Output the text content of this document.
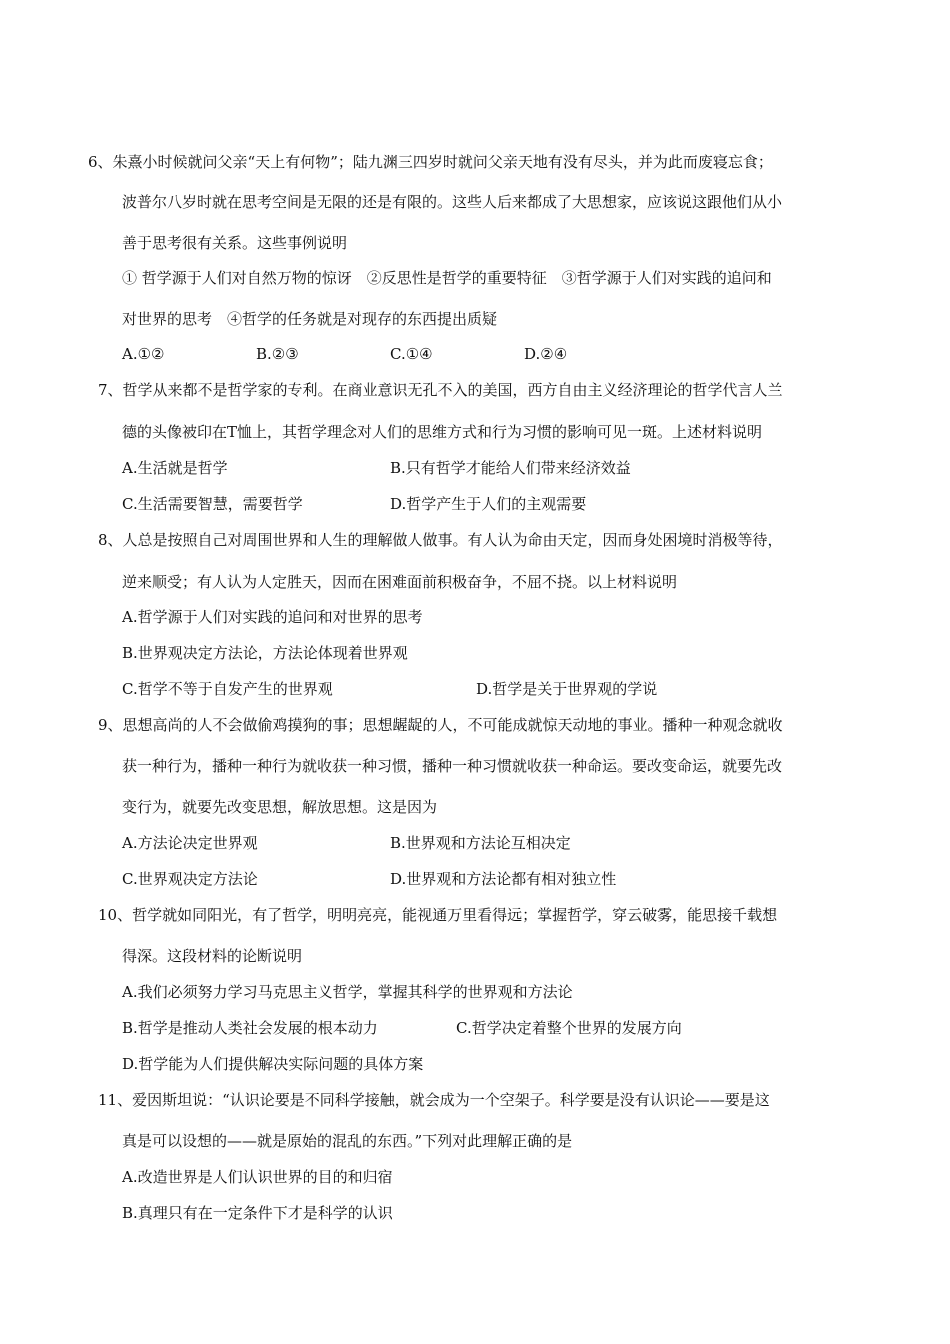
6、朱熹小时候就问父亲“天上有何物”；陆九渊三四岁时就问父亲天地有没有尽头，并为此而废寝忘食；
波普尔八岁时就在思考空间是无限的还是有限的。这些人后来都成了大思想家，应该说这跟他们从小
善于思考很有关系。这些事例说明
① 哲学源于人们对自然万物的惊讶　②反思性是哲学的重要特征　③哲学源于人们对实践的追问和
对世界的思考　④哲学的任务就是对现存的东西提出质疑
A.①②	B.②③	C.①④	D.②④
7、哲学从来都不是哲学家的专利。在商业意识无孔不入的美国，西方自由主义经济理论的哲学代言人兰
德的头像被印在T恤上，其哲学理念对人们的思维方式和行为习惯的影响可见一斑。上述材料说明
A.生活就是哲学	B.只有哲学才能给人们带来经济效益
C.生活需要智慧，需要哲学	D.哲学产生于人们的主观需要
8、人总是按照自己对周围世界和人生的理解做人做事。有人认为命由天定，因而身处困境时消极等待，
逆来顺受；有人认为人定胜天，因而在困难面前积极奋争，不屈不挠。以上材料说明
A.哲学源于人们对实践的追问和对世界的思考
B.世界观决定方法论，方法论体现着世界观
C.哲学不等于自发产生的世界观	D.哲学是关于世界观的学说
9、思想高尚的人不会做偷鸡摸狗的事；思想龌龊的人，不可能成就惊天动地的事业。播种一种观念就收
获一种行为，播种一种行为就收获一种习惯，播种一种习惯就收获一种命运。要改变命运，就要先改
变行为，就要先改变思想，解放思想。这是因为
A.方法论决定世界观	B.世界观和方法论互相决定
C.世界观决定方法论	D.世界观和方法论都有相对独立性
10、哲学就如同阳光，有了哲学，明明亮亮，能视通万里看得远；掌握哲学，穿云破雾，能思接千载想
得深。这段材料的论断说明
A.我们必须努力学习马克思主义哲学，掌握其科学的世界观和方法论
B.哲学是推动人类社会发展的根本动力	C.哲学决定着整个世界的发展方向
D.哲学能为人们提供解决实际问题的具体方案
11、爱因斯坦说：“认识论要是不同科学接触，就会成为一个空架子。科学要是没有认识论——要是这
真是可以设想的——就是原始的混乱的东西。”下列对此理解正确的是
A.改造世界是人们认识世界的目的和归宿
B.真理只有在一定条件下才是科学的认识
